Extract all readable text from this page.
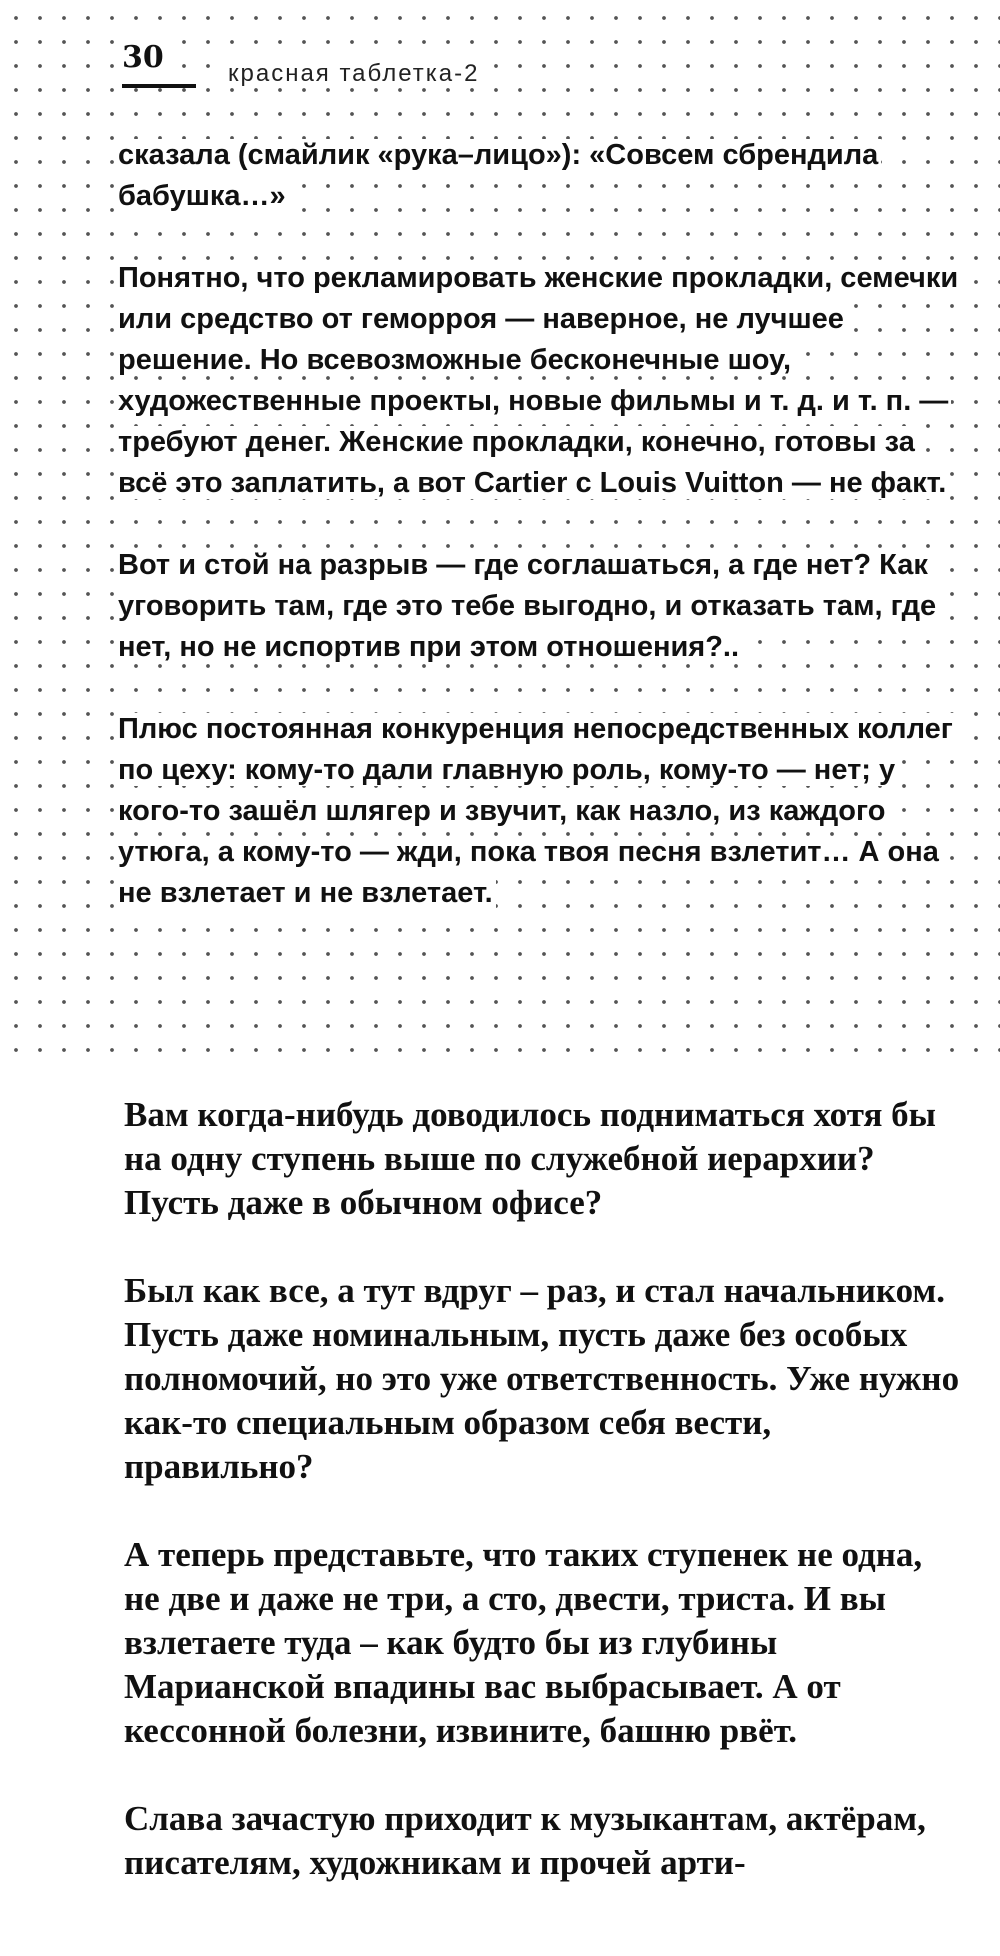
30	красная таблетка-2

сказала (смайлик «рука–лицо»): «Совсем сбрендила бабушка…»

Понятно, что рекламировать женские прокладки, семечки или средство от геморроя — наверное, не лучшее решение. Но всевозможные бесконечные шоу, художественные проекты, новые фильмы и т. д. и т. п. — требуют денег. Женские прокладки, конечно, готовы за всё это заплатить, а вот Cartier с Louis Vuitton — не факт.

Вот и стой на разрыв — где соглашаться, а где нет? Как уговорить там, где это тебе выгодно, и отказать там, где нет, но не испортив при этом отношения?..

Плюс постоянная конкуренция непосредственных коллег по цеху: кому-то дали главную роль, кому-то — нет; у кого-то зашёл шлягер и звучит, как назло, из каждого утюга, а кому-то — жди, пока твоя песня взлетит… А она не взлетает и не взлетает.

Вам когда-нибудь доводилось подниматься хотя бы на одну ступень выше по служебной иерархии? Пусть даже в обычном офисе?

Был как все, а тут вдруг – раз, и стал начальником. Пусть даже номинальным, пусть даже без особых полномочий, но это уже ответственность. Уже нужно как-то специальным образом себя вести, правильно?

А теперь представьте, что таких ступенек не одна, не две и даже не три, а сто, двести, триста. И вы взлетаете туда – как будто бы из глубины Марианской впадины вас выбрасывает. А от кессонной болезни, извините, башню рвёт.

Слава зачастую приходит к музыкантам, актёрам, писателям, художникам и прочей арти-
